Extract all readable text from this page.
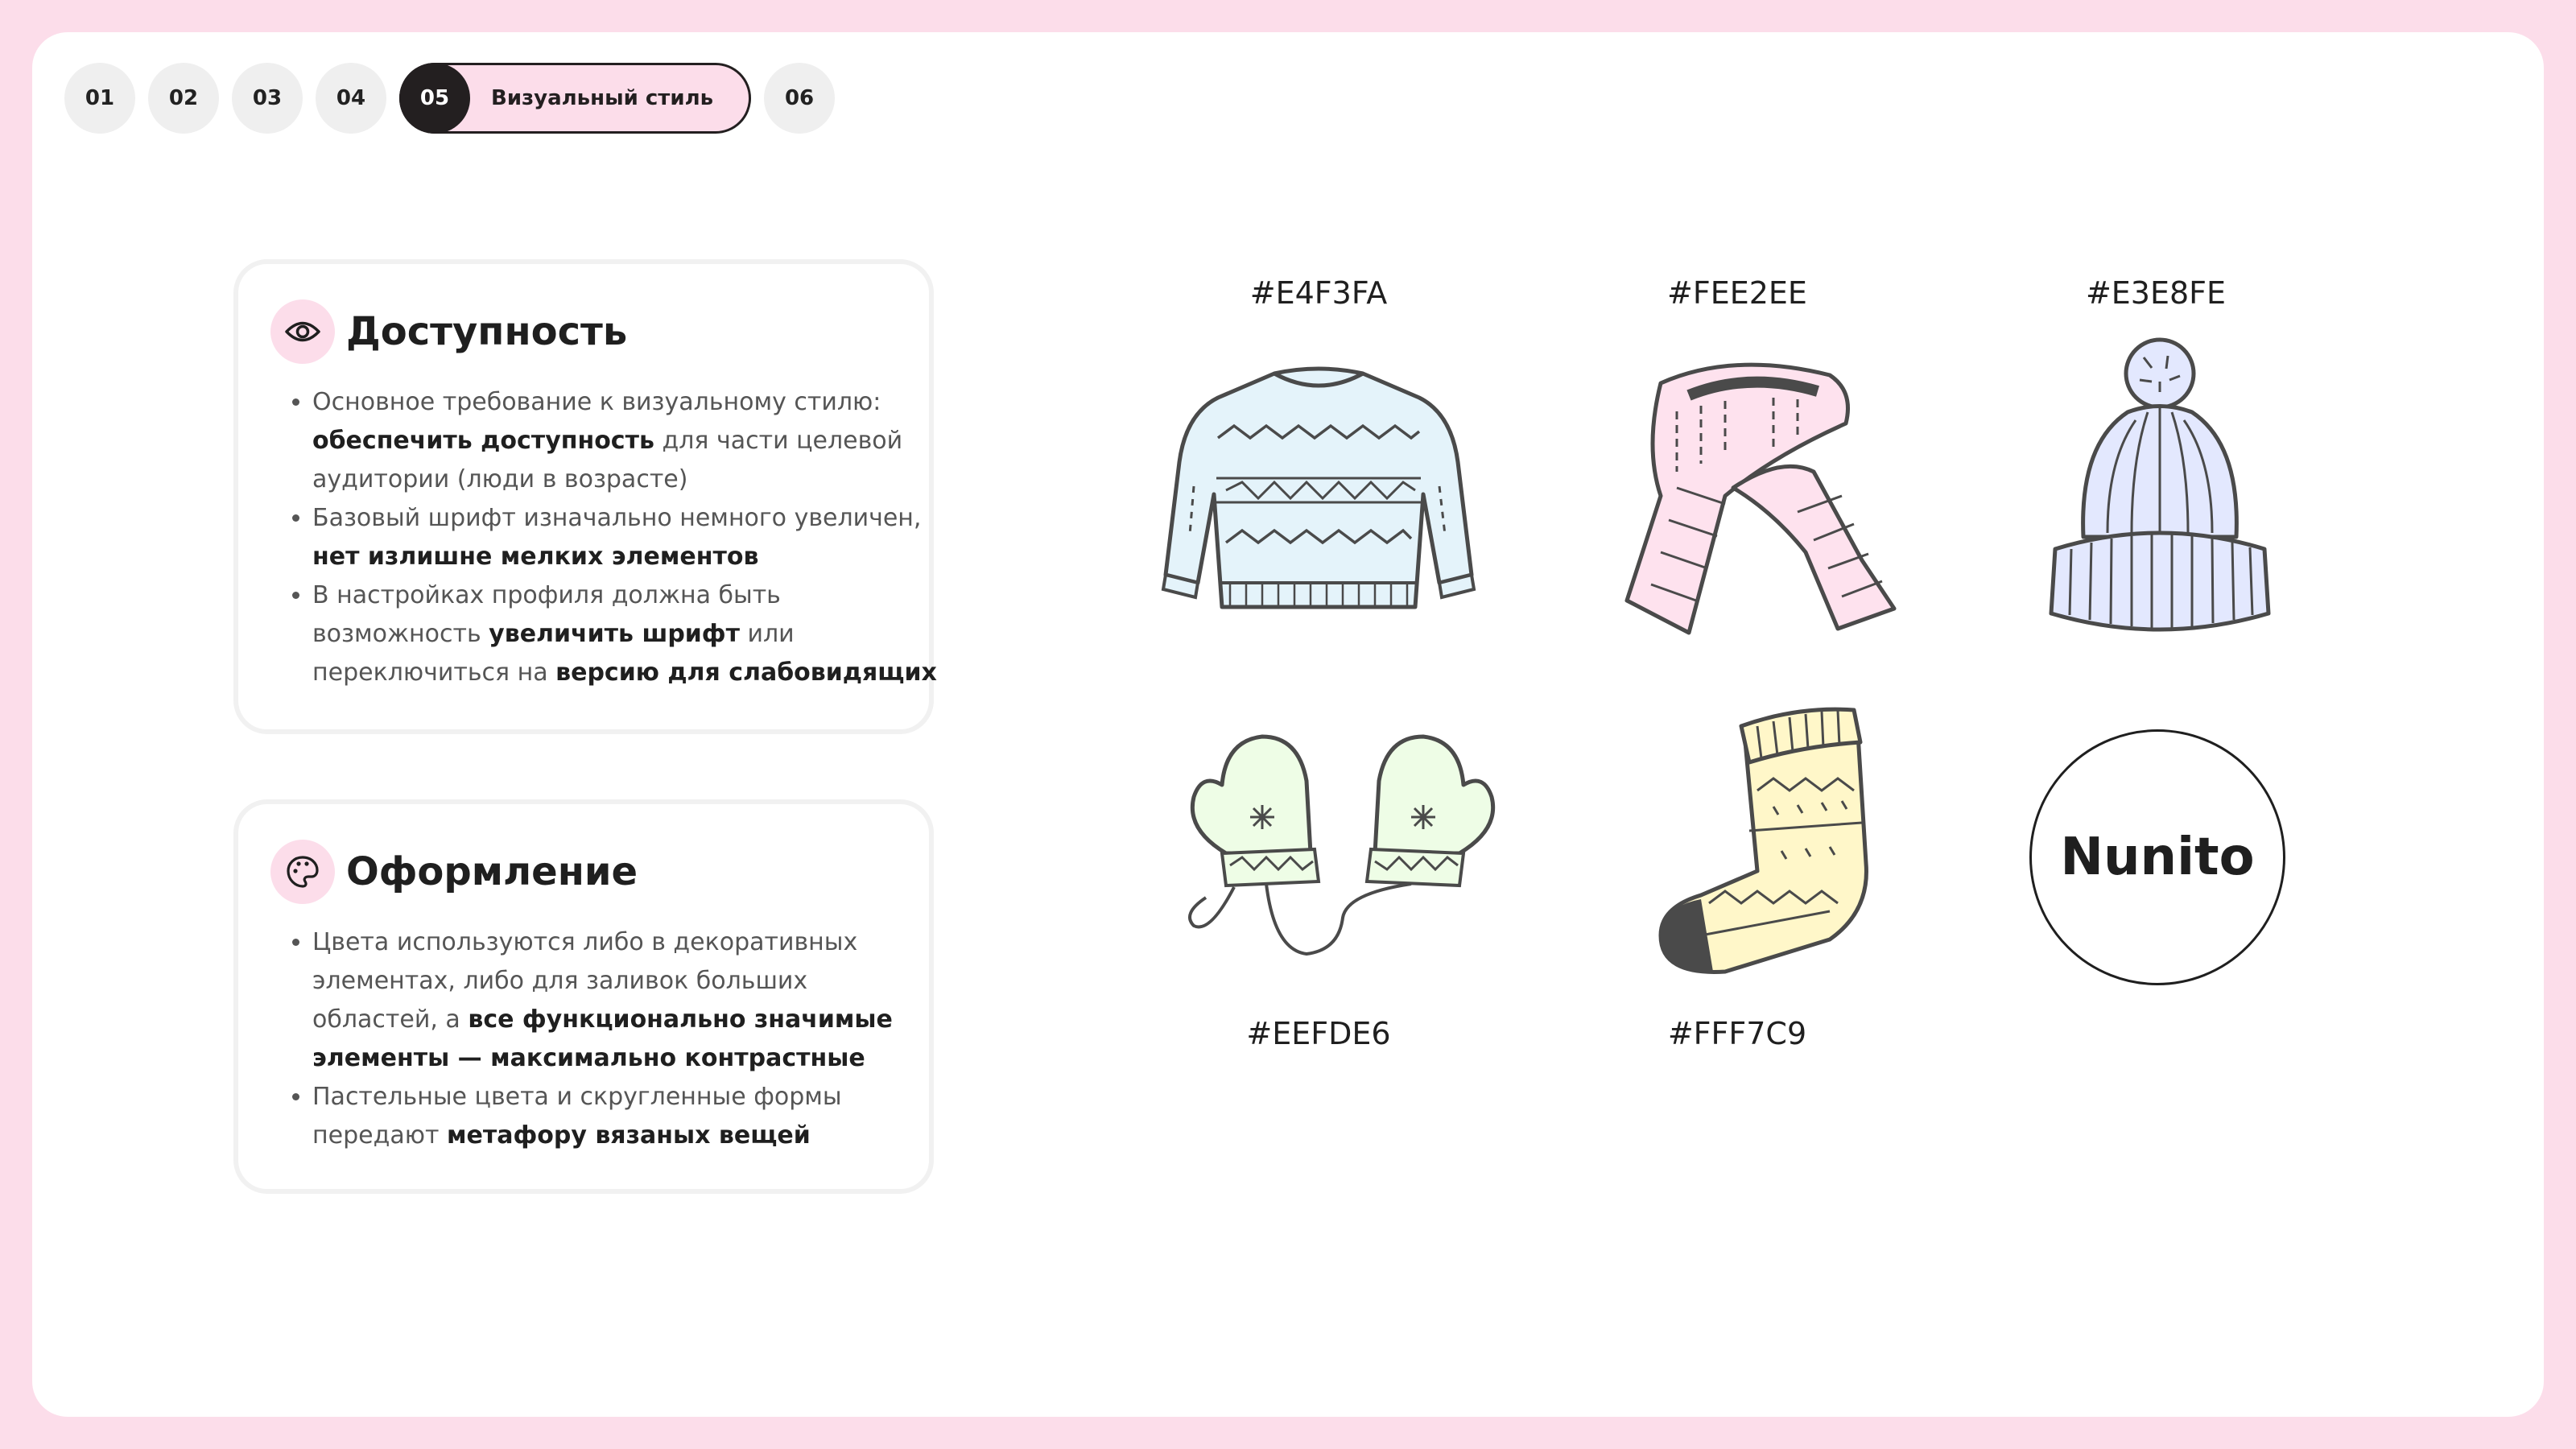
01	02	03	04	05	Визуальный стиль	06
Доступность
• Основное требование к визуальному стилю: обеспечить доступность для части целевой аудитории (люди в возрасте)
• Базовый шрифт изначально немного увеличен, нет излишне мелких элементов
• В настройках профиля должна быть возможность увеличить шрифт или переключиться на версию для слабовидящих
Оформление
• Цвета используются либо в декоративных элементах, либо для заливок больших областей, а все функционально значимые элементы — максимально контрастные
• Пастельные цвета и скругленные формы передают метафору вязаных вещей
#E4F3FA	#FEE2EE	#E3E8FE
#EEFDE6	#FFF7C9
Nunito
